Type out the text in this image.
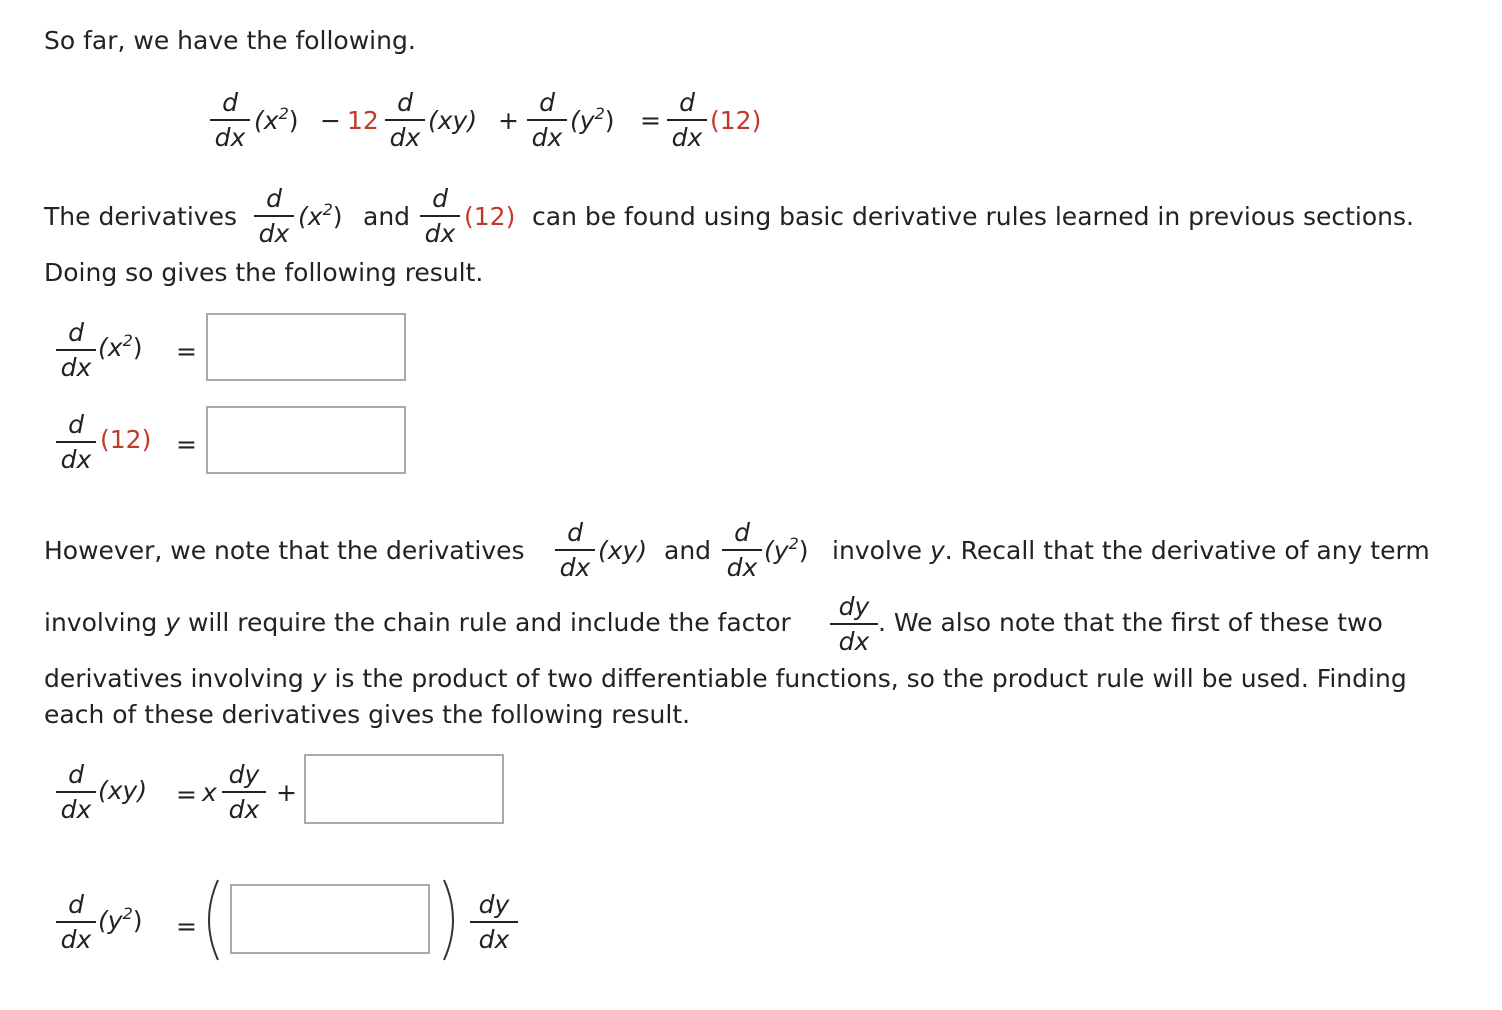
So far, we have the following.
d
dx
$(x^2) - 12$
d
dx
(xy) +
d
dx
$(y^2)$ =
d
dx
(12)
The derivatives
d
dx
$(x^2)$ and
d
dx
(12) can be found using basic derivative rules learned in previous sections.
Doing so gives the following result.
d
dx
$(x^2)$ =
d
dx
(12) =
However, we note that the derivatives
d
dx
(xy) and
d
dx
$(y^2)$ involve y. Recall that the derivative of any term
involving y will require the chain rule and include the factor
dy
dx
. We also note that the first of these two
derivatives involving y is the product of two differentiable functions, so the product rule will be used. Finding
each of these derivatives gives the following result.
d
dx
(xy) = x
dy
dx
+
d
dx
$(y^2)$ =
dy
dx
